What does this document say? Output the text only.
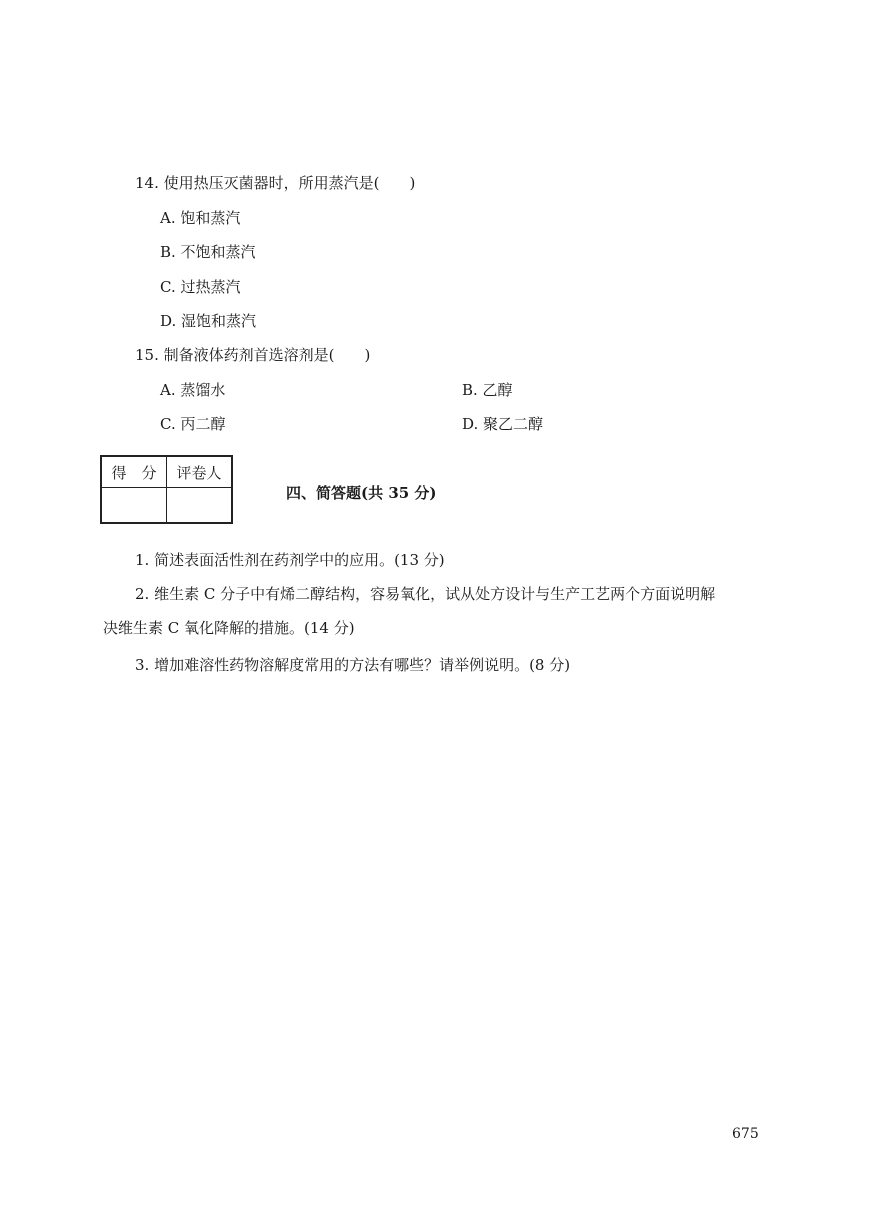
14. 使用热压灭菌器时，所用蒸汽是(　　)
A. 饱和蒸汽
B. 不饱和蒸汽
C. 过热蒸汽
D. 湿饱和蒸汽
15. 制备液体药剂首选溶剂是(　　)
A. 蒸馏水	B. 乙醇
C. 丙二醇	D. 聚乙二醇
得　分	评卷人

四、简答题(共 35 分)
1. 简述表面活性剂在药剂学中的应用。(13 分)
2. 维生素 C 分子中有烯二醇结构，容易氧化，试从处方设计与生产工艺两个方面说明解
决维生素 C 氧化降解的措施。(14 分)
3. 增加难溶性药物溶解度常用的方法有哪些？请举例说明。(8 分)
675
